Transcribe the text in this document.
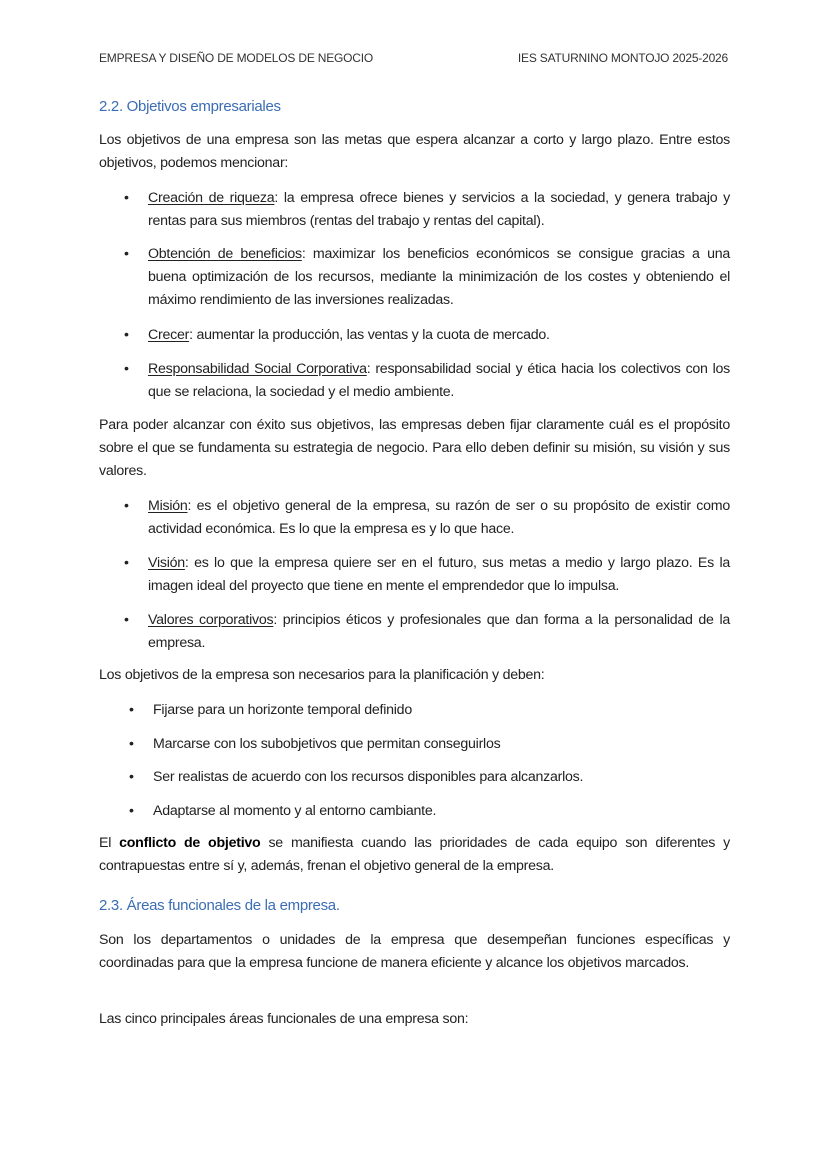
EMPRESA Y DISEÑO DE MODELOS DE NEGOCIO	IES SATURNINO MONTOJO 2025-2026
2.2. Objetivos empresariales
Los objetivos de una empresa son las metas que espera alcanzar a corto y largo plazo. Entre estos objetivos, podemos mencionar:
• Creación de riqueza: la empresa ofrece bienes y servicios a la sociedad, y genera trabajo y rentas para sus miembros (rentas del trabajo y rentas del capital).
• Obtención de beneficios: maximizar los beneficios económicos se consigue gracias a una buena optimización de los recursos, mediante la minimización de los costes y obteniendo el máximo rendimiento de las inversiones realizadas.
• Crecer: aumentar la producción, las ventas y la cuota de mercado.
• Responsabilidad Social Corporativa: responsabilidad social y ética hacia los colectivos con los que se relaciona, la sociedad y el medio ambiente.
Para poder alcanzar con éxito sus objetivos, las empresas deben fijar claramente cuál es el propósito sobre el que se fundamenta su estrategia de negocio. Para ello deben definir su misión, su visión y sus valores.
• Misión: es el objetivo general de la empresa, su razón de ser o su propósito de existir como actividad económica. Es lo que la empresa es y lo que hace.
• Visión: es lo que la empresa quiere ser en el futuro, sus metas a medio y largo plazo. Es la imagen ideal del proyecto que tiene en mente el emprendedor que lo impulsa.
• Valores corporativos: principios éticos y profesionales que dan forma a la personalidad de la empresa.
Los objetivos de la empresa son necesarios para la planificación y deben:
• Fijarse para un horizonte temporal definido
• Marcarse con los subobjetivos que permitan conseguirlos
• Ser realistas de acuerdo con los recursos disponibles para alcanzarlos.
• Adaptarse al momento y al entorno cambiante.
El conflicto de objetivo se manifiesta cuando las prioridades de cada equipo son diferentes y contrapuestas entre sí y, además, frenan el objetivo general de la empresa.
2.3. Áreas funcionales de la empresa.
Son los departamentos o unidades de la empresa que desempeñan funciones específicas y coordinadas para que la empresa funcione de manera eficiente y alcance los objetivos marcados.
Las cinco principales áreas funcionales de una empresa son:
